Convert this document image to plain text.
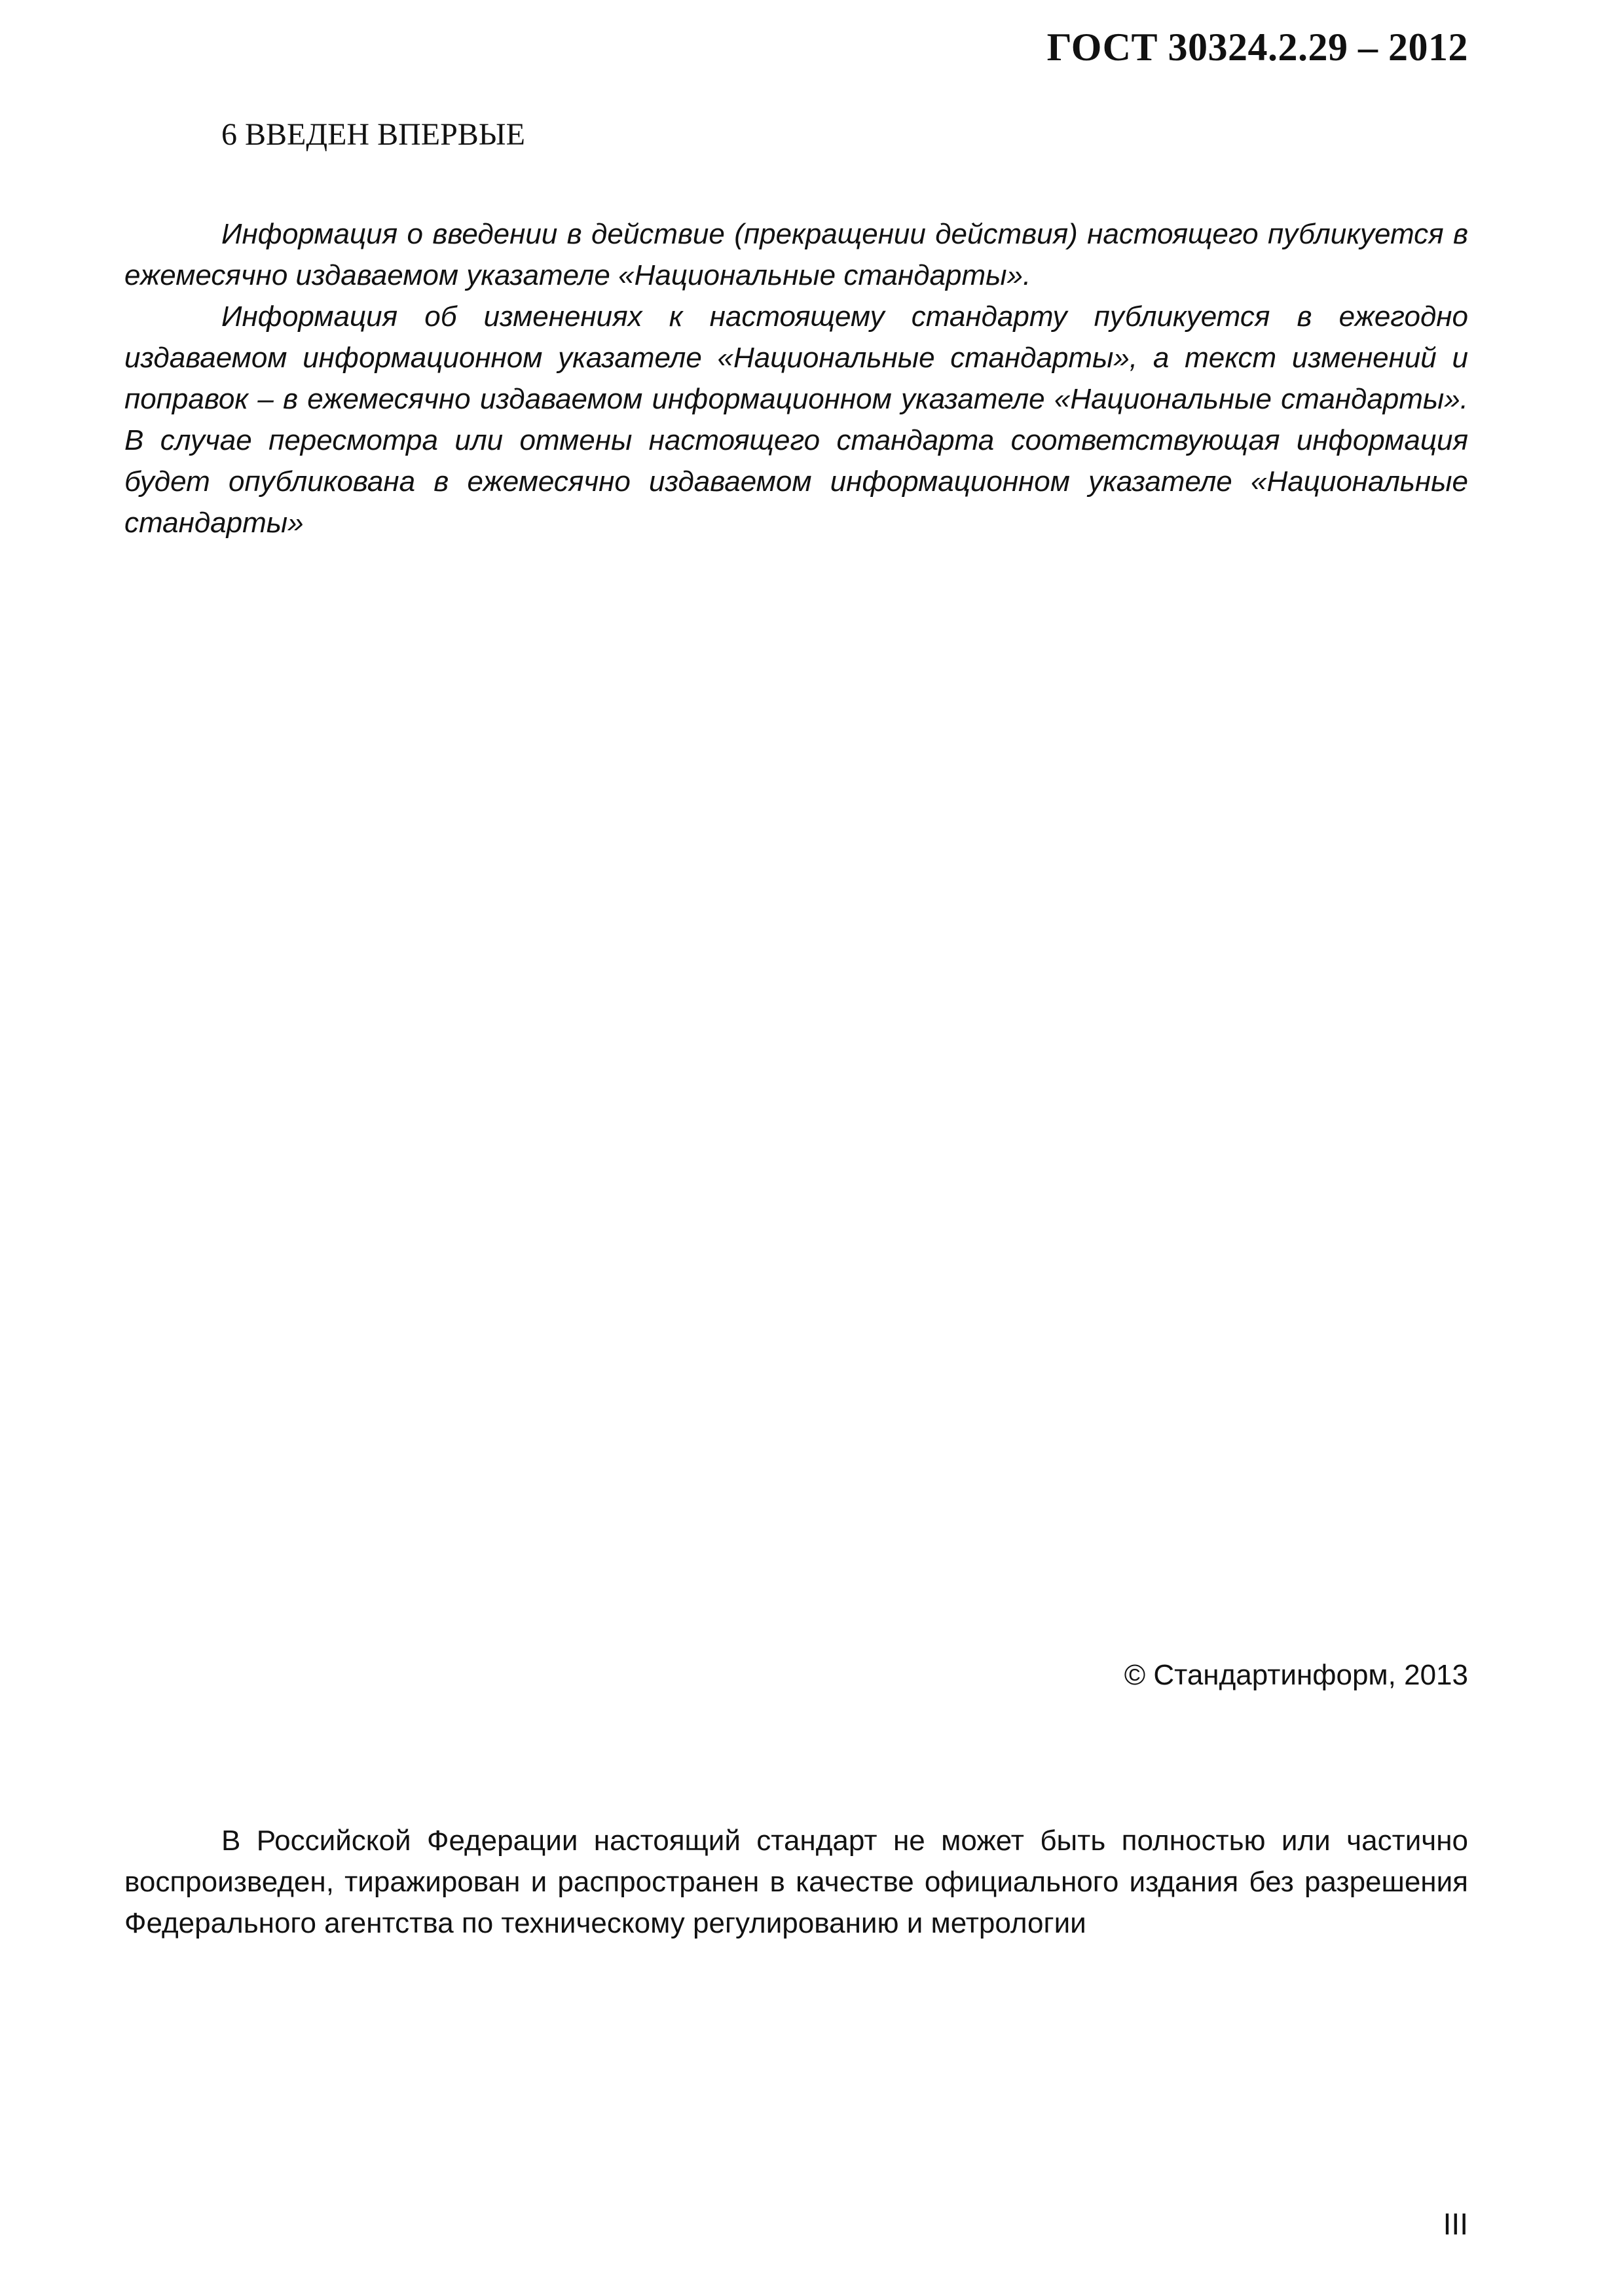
ГОСТ 30324.2.29 – 2012
6 ВВЕДЕН ВПЕРВЫЕ

Информация о введении в действие (прекращении действия) настоящего публикуется в ежемесячно издаваемом указателе «Национальные стандарты».

Информация об изменениях к настоящему стандарту публикуется в ежегодно издаваемом информационном указателе «Национальные стандарты», а текст изменений и поправок – в ежемесячно издаваемом информационном указателе «Национальные стандарты». В случае пересмотра или отмены настоящего стандарта соответствующая информация будет опубликована в ежемесячно издаваемом информационном указателе «Национальные стандарты»

© Стандартинформ, 2013

В Российской Федерации настоящий стандарт не может быть полностью или частично воспроизведен, тиражирован и распространен в качестве официального издания без разрешения Федерального агентства по техническому регулированию и метрологии

III
